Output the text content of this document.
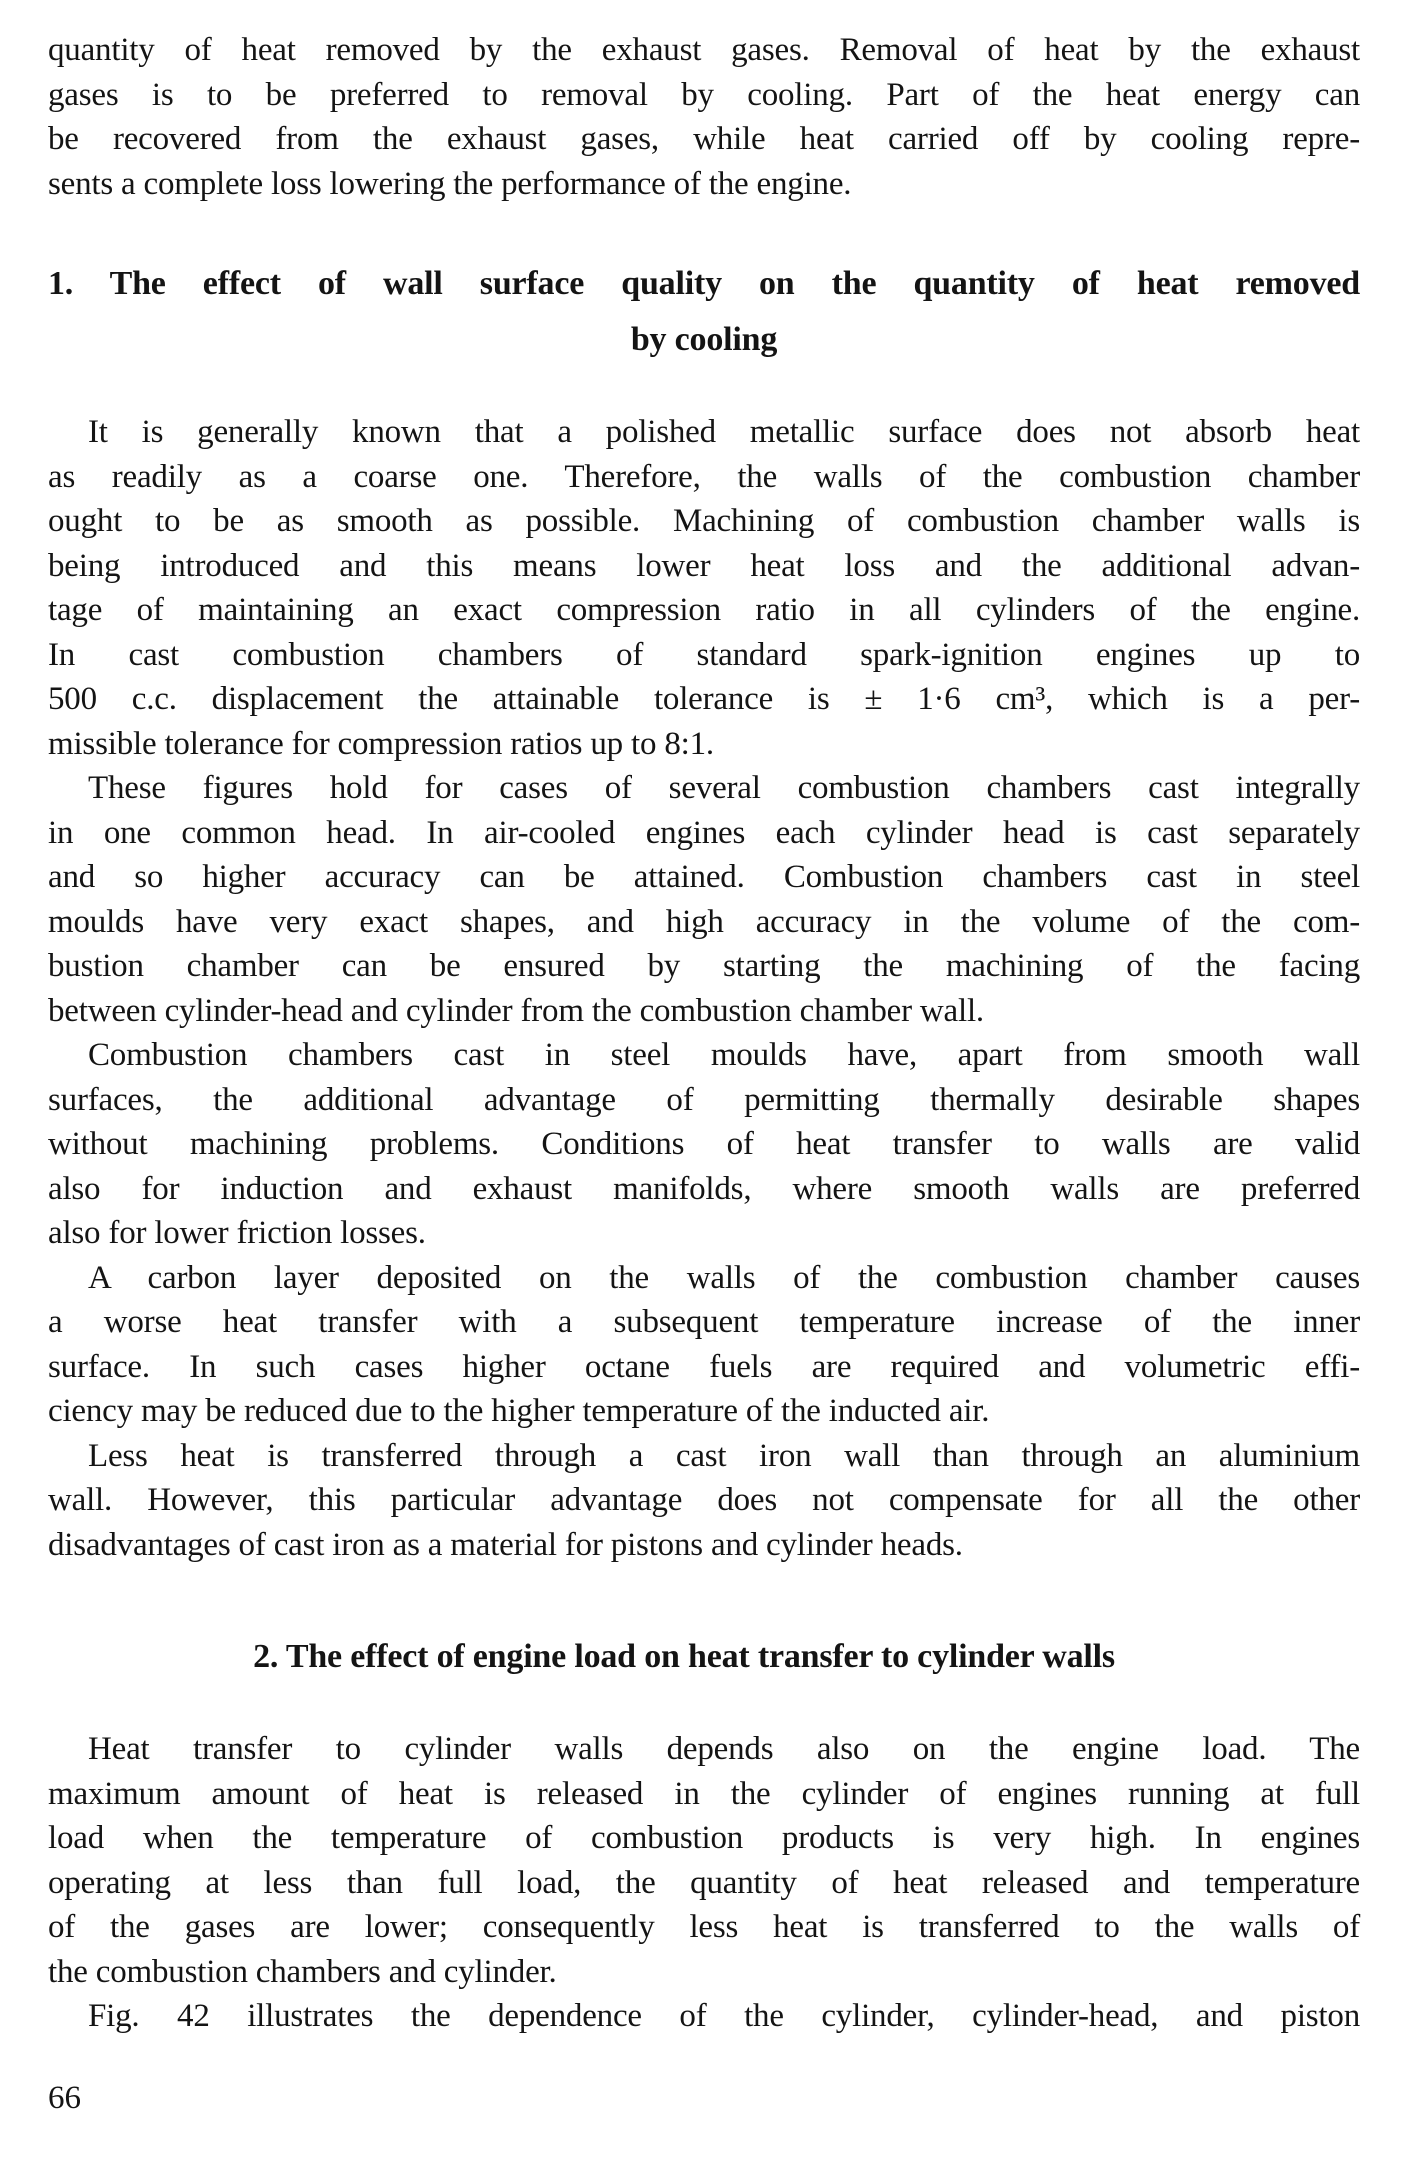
quantity of heat removed by the exhaust gases. Removal of heat by the exhaust
gases is to be preferred to removal by cooling. Part of the heat energy can
be recovered from the exhaust gases, while heat carried off by cooling repre-
sents a complete loss lowering the performance of the engine.
1. The effect of wall surface quality on the quantity of heat removed
by cooling
It is generally known that a polished metallic surface does not absorb heat
as readily as a coarse one. Therefore, the walls of the combustion chamber
ought to be as smooth as possible. Machining of combustion chamber walls is
being introduced and this means lower heat loss and the additional advan-
tage of maintaining an exact compression ratio in all cylinders of the engine.
In cast combustion chambers of standard spark-ignition engines up to
500 c.c. displacement the attainable tolerance is ± 1·6 cm³, which is a per-
missible tolerance for compression ratios up to 8:1.
These figures hold for cases of several combustion chambers cast integrally
in one common head. In air-cooled engines each cylinder head is cast separately
and so higher accuracy can be attained. Combustion chambers cast in steel
moulds have very exact shapes, and high accuracy in the volume of the com-
bustion chamber can be ensured by starting the machining of the facing
between cylinder-head and cylinder from the combustion chamber wall.
Combustion chambers cast in steel moulds have, apart from smooth wall
surfaces, the additional advantage of permitting thermally desirable shapes
without machining problems. Conditions of heat transfer to walls are valid
also for induction and exhaust manifolds, where smooth walls are preferred
also for lower friction losses.
A carbon layer deposited on the walls of the combustion chamber causes
a worse heat transfer with a subsequent temperature increase of the inner
surface. In such cases higher octane fuels are required and volumetric effi-
ciency may be reduced due to the higher temperature of the inducted air.
Less heat is transferred through a cast iron wall than through an aluminium
wall. However, this particular advantage does not compensate for all the other
disadvantages of cast iron as a material for pistons and cylinder heads.
2. The effect of engine load on heat transfer to cylinder walls
Heat transfer to cylinder walls depends also on the engine load. The
maximum amount of heat is released in the cylinder of engines running at full
load when the temperature of combustion products is very high. In engines
operating at less than full load, the quantity of heat released and temperature
of the gases are lower; consequently less heat is transferred to the walls of
the combustion chambers and cylinder.
Fig. 42 illustrates the dependence of the cylinder, cylinder-head, and piston
66
